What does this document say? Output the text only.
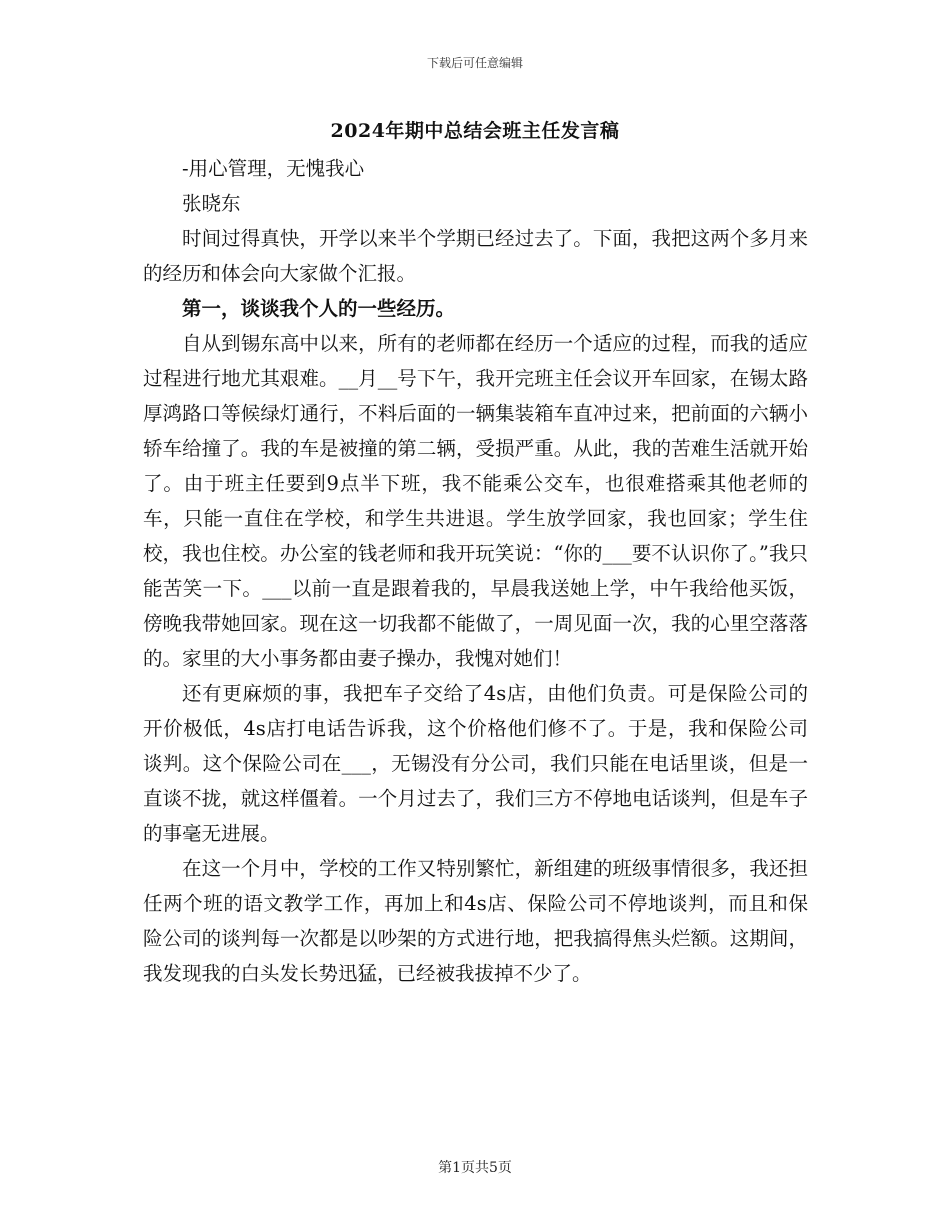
下载后可任意编辑
2024年期中总结会班主任发言稿

-用心管理，无愧我心

张晓东

时间过得真快，开学以来半个学期已经过去了。下面，我把这两个多月来的经历和体会向大家做个汇报。

第一，谈谈我个人的一些经历。

自从到锡东高中以来，所有的老师都在经历一个适应的过程，而我的适应过程进行地尤其艰难。__月__号下午，我开完班主任会议开车回家，在锡太路厚鸿路口等候绿灯通行，不料后面的一辆集装箱车直冲过来，把前面的六辆小轿车给撞了。我的车是被撞的第二辆，受损严重。从此，我的苦难生活就开始了。由于班主任要到9点半下班，我不能乘公交车，也很难搭乘其他老师的车，只能一直住在学校，和学生共进退。学生放学回家，我也回家；学生住校，我也住校。办公室的钱老师和我开玩笑说：“你的___要不认识你了。”我只能苦笑一下。___以前一直是跟着我的，早晨我送她上学，中午我给他买饭，傍晚我带她回家。现在这一切我都不能做了，一周见面一次，我的心里空落落的。家里的大小事务都由妻子操办，我愧对她们！

还有更麻烦的事，我把车子交给了4s店，由他们负责。可是保险公司的开价极低，4s店打电话告诉我，这个价格他们修不了。于是，我和保险公司谈判。这个保险公司在___，无锡没有分公司，我们只能在电话里谈，但是一直谈不拢，就这样僵着。一个月过去了，我们三方不停地电话谈判，但是车子的事毫无进展。

在这一个月中，学校的工作又特别繁忙，新组建的班级事情很多，我还担任两个班的语文教学工作，再加上和4s店、保险公司不停地谈判，而且和保险公司的谈判每一次都是以吵架的方式进行地，把我搞得焦头烂额。这期间，我发现我的白头发长势迅猛，已经被我拔掉不少了。

第1页共5页
